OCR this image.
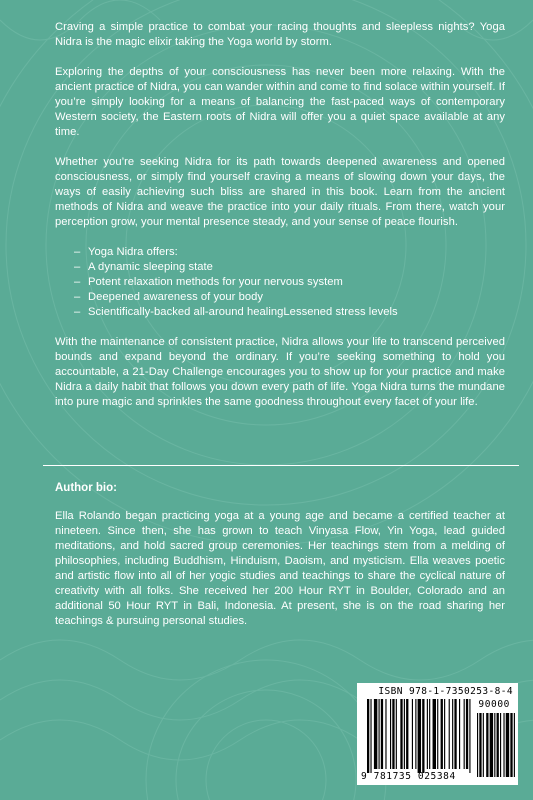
Craving a simple practice to combat your racing thoughts and sleepless nights? Yoga Nidra is the magic elixir taking the Yoga world by storm.

Exploring the depths of your consciousness has never been more relaxing. With the ancient practice of Nidra, you can wander within and come to find solace within yourself. If you’re simply looking for a means of balancing the fast-paced ways of contemporary Western society, the Eastern roots of Nidra will offer you a quiet space available at any time.

Whether you’re seeking Nidra for its path towards deepened awareness and opened consciousness, or simply find yourself craving a means of slowing down your days, the ways of easily achieving such bliss are shared in this book. Learn from the ancient methods of Nidra and weave the practice into your daily rituals. From there, watch your perception grow, your mental presence steady, and your sense of peace flourish.

– Yoga Nidra offers:
– A dynamic sleeping state
– Potent relaxation methods for your nervous system
– Deepened awareness of your body
– Scientifically-backed all-around healingLessened stress levels

With the maintenance of consistent practice, Nidra allows your life to transcend perceived bounds and expand beyond the ordinary. If you’re seeking something to hold you accountable, a 21-Day Challenge encourages you to show up for your practice and make Nidra a daily habit that follows you down every path of life. Yoga Nidra turns the mundane into pure magic and sprinkles the same goodness throughout every facet of your life.

Author bio:
Ella Rolando began practicing yoga at a young age and became a certified teacher at nineteen. Since then, she has grown to teach Vinyasa Flow, Yin Yoga, lead guided meditations, and hold sacred group ceremonies. Her teachings stem from a melding of philosophies, including Buddhism, Hinduism, Daoism, and mysticism. Ella weaves poetic and artistic flow into all of her yogic studies and teachings to share the cyclical nature of creativity with all folks. She received her 200 Hour RYT in Boulder, Colorado and an additional 50 Hour RYT in Bali, Indonesia. At present, she is on the road sharing her teachings & pursuing personal studies.
ISBN 978-1-7350253-8-4
90000
9 781735 025384
